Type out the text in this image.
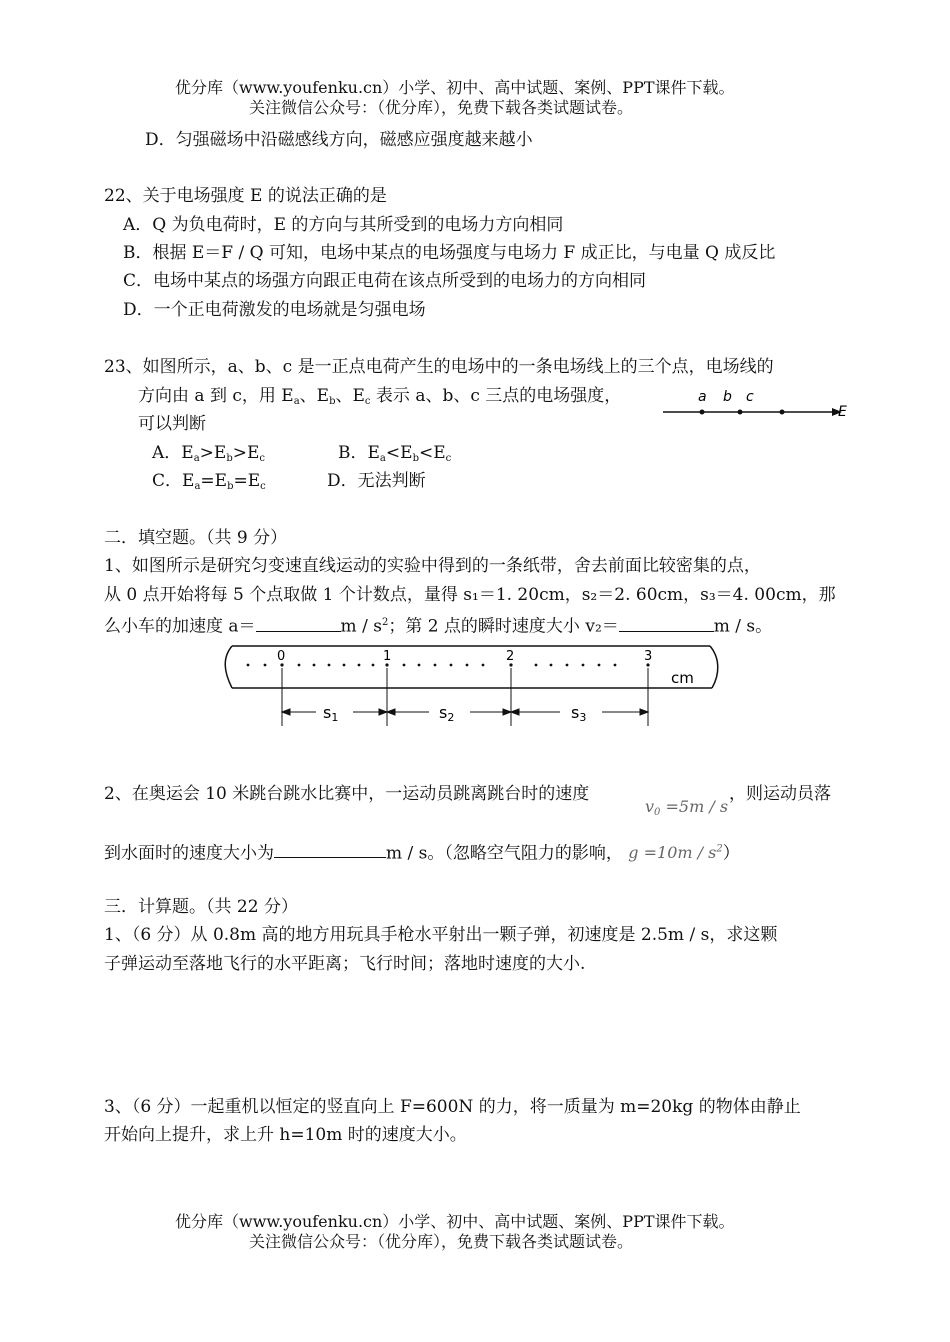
优分库（www.youfenku.cn）小学、初中、高中试题、案例、PPT课件下载。
关注微信公众号：（优分库），免费下载各类试题试卷。
D．匀强磁场中沿磁感线方向，磁感应强度越来越小
22、关于电场强度 E 的说法正确的是
A．Q 为负电荷时，E 的方向与其所受到的电场力方向相同
B．根据 E＝F / Q 可知，电场中某点的电场强度与电场力 F 成正比，与电量 Q 成反比
C．电场中某点的场强方向跟正电荷在该点所受到的电场力的方向相同
D．一个正电荷激发的电场就是匀强电场
23、如图所示，a、b、c 是一正点电荷产生的电场中的一条电场线上的三个点，电场线的
方向由 a 到 c，用 $E_a$、$E_b$、$E_c$ 表示 a、b、c 三点的电场强度，
可以判断
a b c
E
A．$E_a>E_b>E_c$	B．$E_a<E_b<E_c$
C．$E_a=E_b=E_c$	D．无法判断
二．填空题。（共 9 分）
1、如图所示是研究匀变速直线运动的实验中得到的一条纸带，舍去前面比较密集的点，
从 0 点开始将每 5 个点取做 1 个计数点，量得 s₁＝1. 20cm，s₂＝2. 60cm，s₃＝4. 00cm，那
么小车的加速度 a＝	m / $s^2$；第 2 点的瞬时速度大小 v₂＝	m / s。
0	1	2	3
cm
s1	s2	s3
2、在奥运会 10 米跳台跳水比赛中，一运动员跳离跳台时的速度
$v_0 =5m / s$
，则运动员落
到水面时的速度大小为	m / s。（忽略空气阻力的影响， $g =10m / s^2$）
三．计算题。（共 22 分）
1、（6 分）从 0.8m 高的地方用玩具手枪水平射出一颗子弹，初速度是 2.5m / s，求这颗
子弹运动至落地飞行的水平距离；飞行时间；落地时速度的大小.
3、（6 分）一起重机以恒定的竖直向上 F=600N 的力，将一质量为 m=20kg 的物体由静止
开始向上提升，求上升 h=10m 时的速度大小。
优分库（www.youfenku.cn）小学、初中、高中试题、案例、PPT课件下载。
关注微信公众号：（优分库），免费下载各类试题试卷。
